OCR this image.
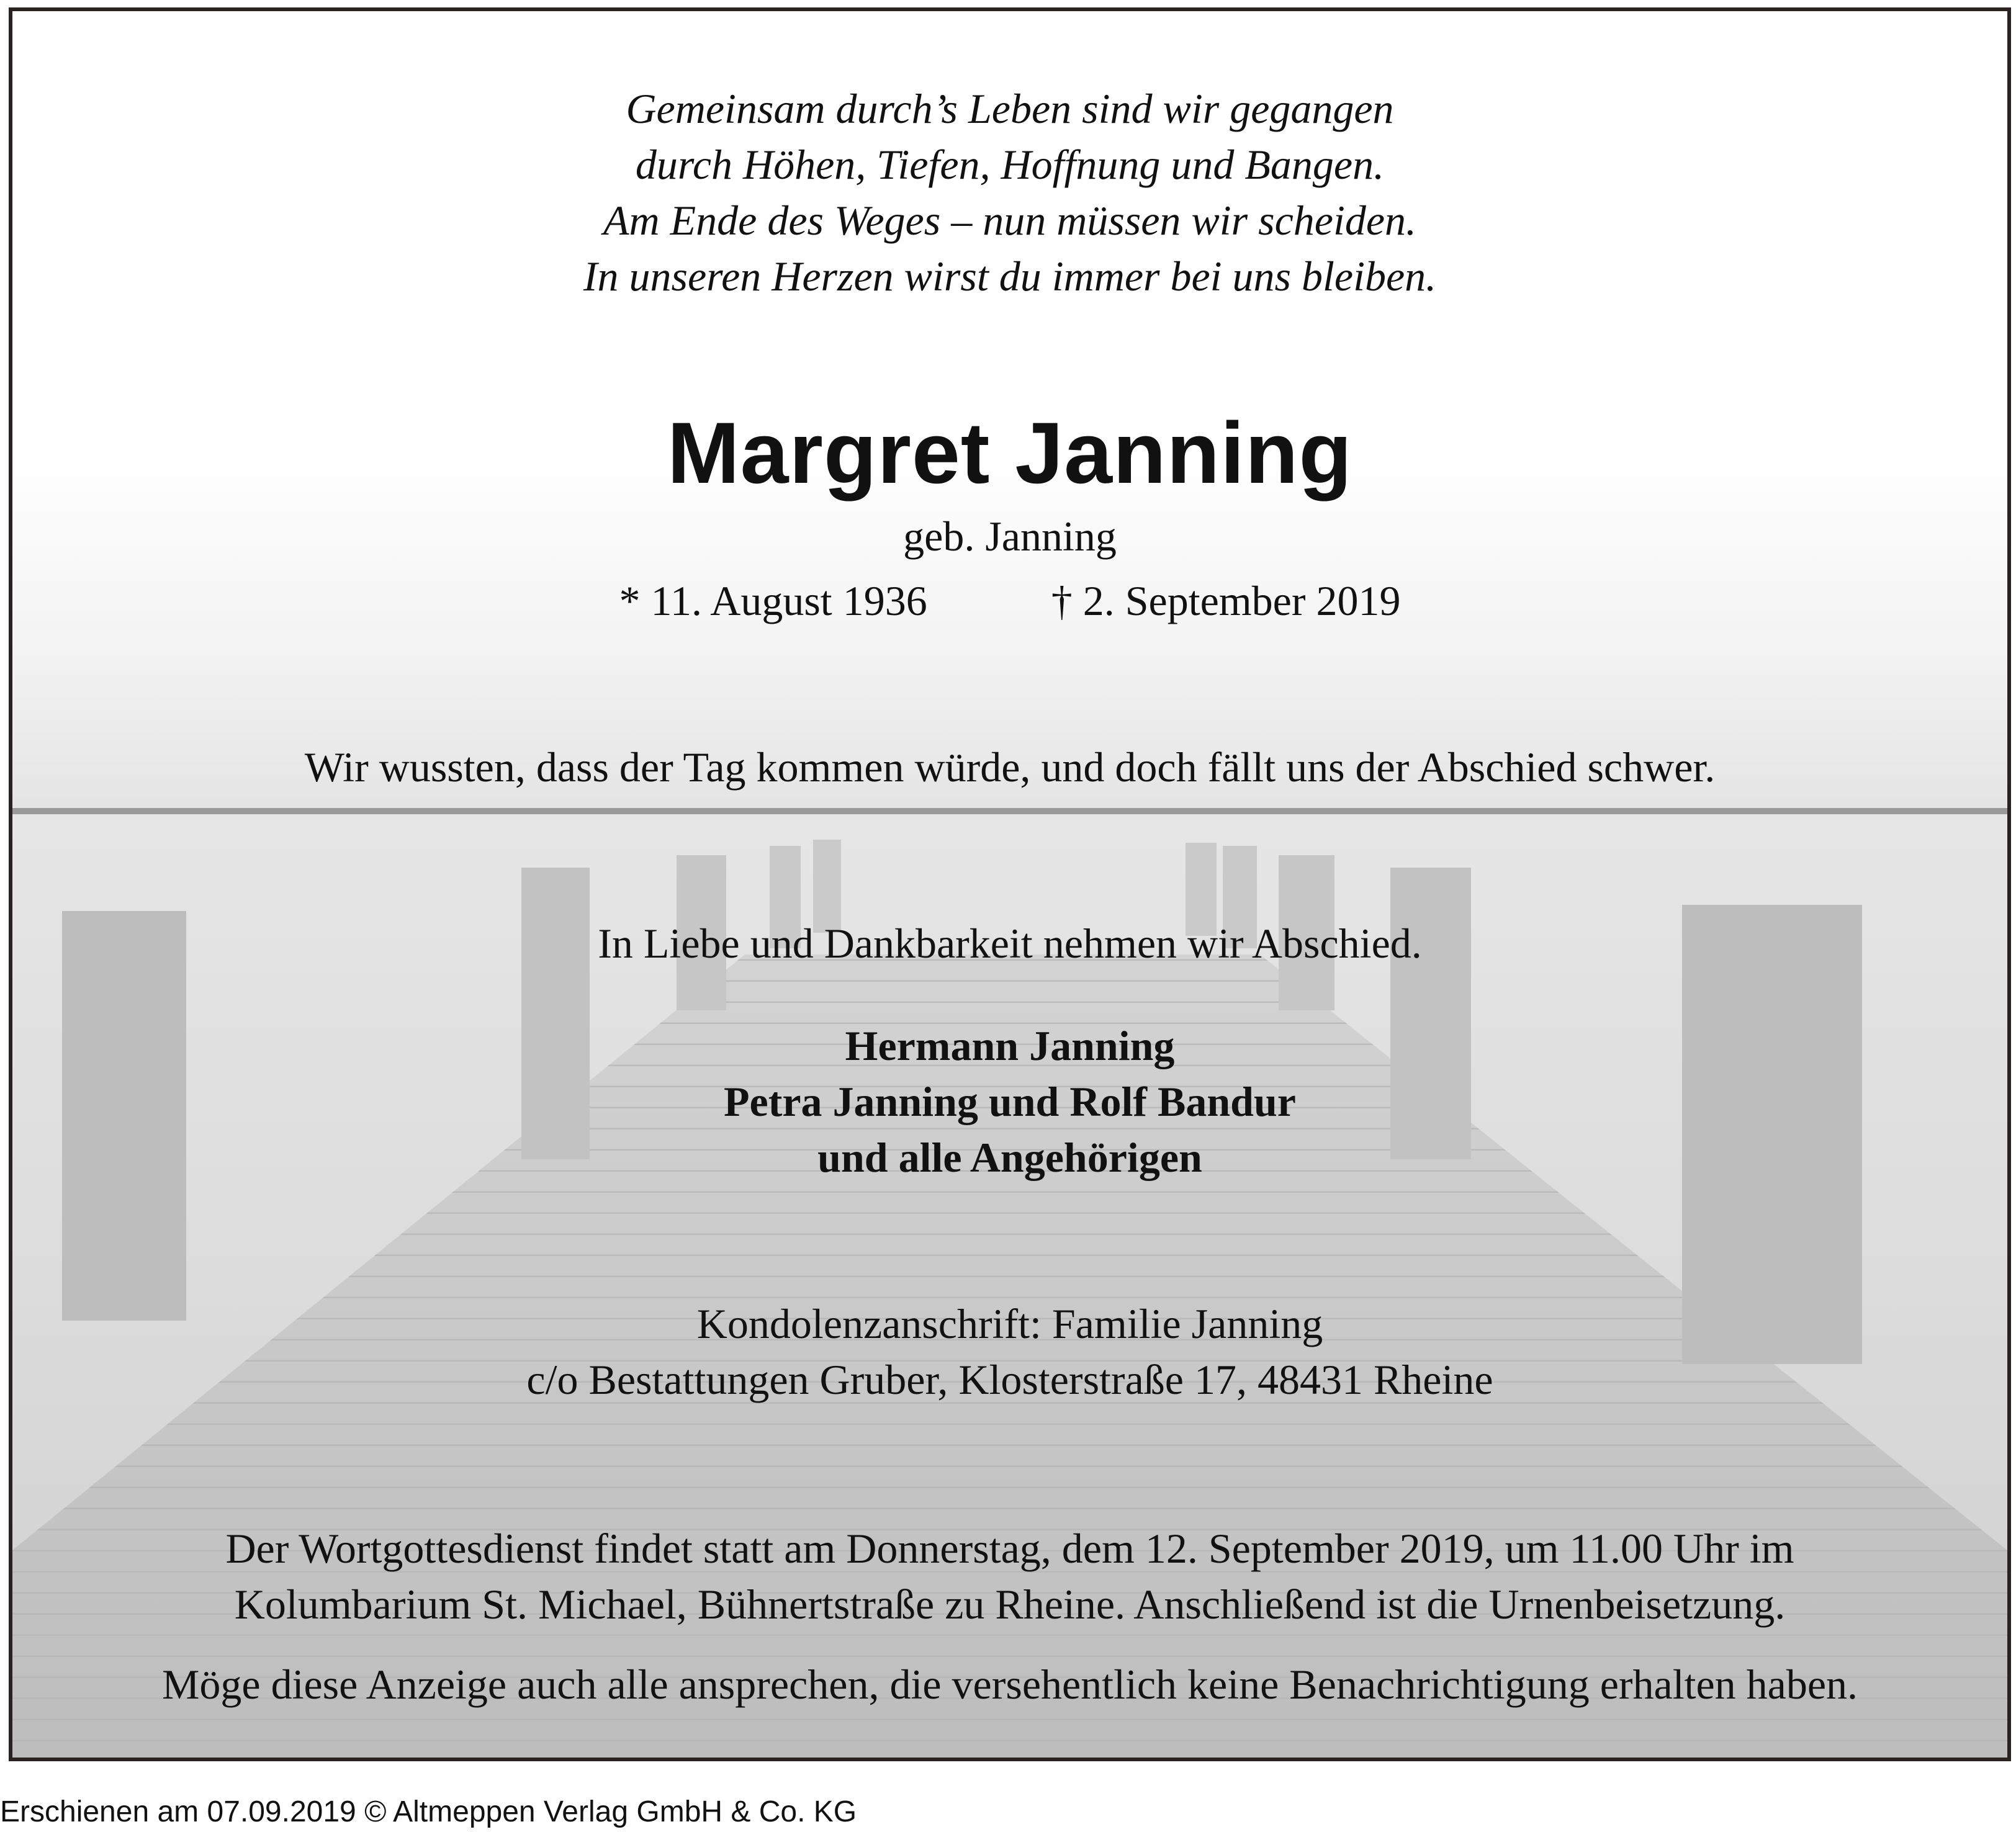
Gemeinsam durch’s Leben sind wir gegangen
durch Höhen, Tiefen, Hoffnung und Bangen.
Am Ende des Weges – nun müssen wir scheiden.
In unseren Herzen wirst du immer bei uns bleiben.
Margret Janning
geb. Janning
* 11. August 1936	† 2. September 2019
Wir wussten, dass der Tag kommen würde, und doch fällt uns der Abschied schwer.
In Liebe und Dankbarkeit nehmen wir Abschied.
Hermann Janning
Petra Janning und Rolf Bandur
und alle Angehörigen
Kondolenzanschrift: Familie Janning
c/o Bestattungen Gruber, Klosterstraße 17, 48431 Rheine
Der Wortgottesdienst findet statt am Donnerstag, dem 12. September 2019, um 11.00 Uhr im
Kolumbarium St. Michael, Bühnertstraße zu Rheine. Anschließend ist die Urnenbeisetzung.
Möge diese Anzeige auch alle ansprechen, die versehentlich keine Benachrichtigung erhalten haben.
Erschienen am 07.09.2019 © Altmeppen Verlag GmbH & Co. KG
